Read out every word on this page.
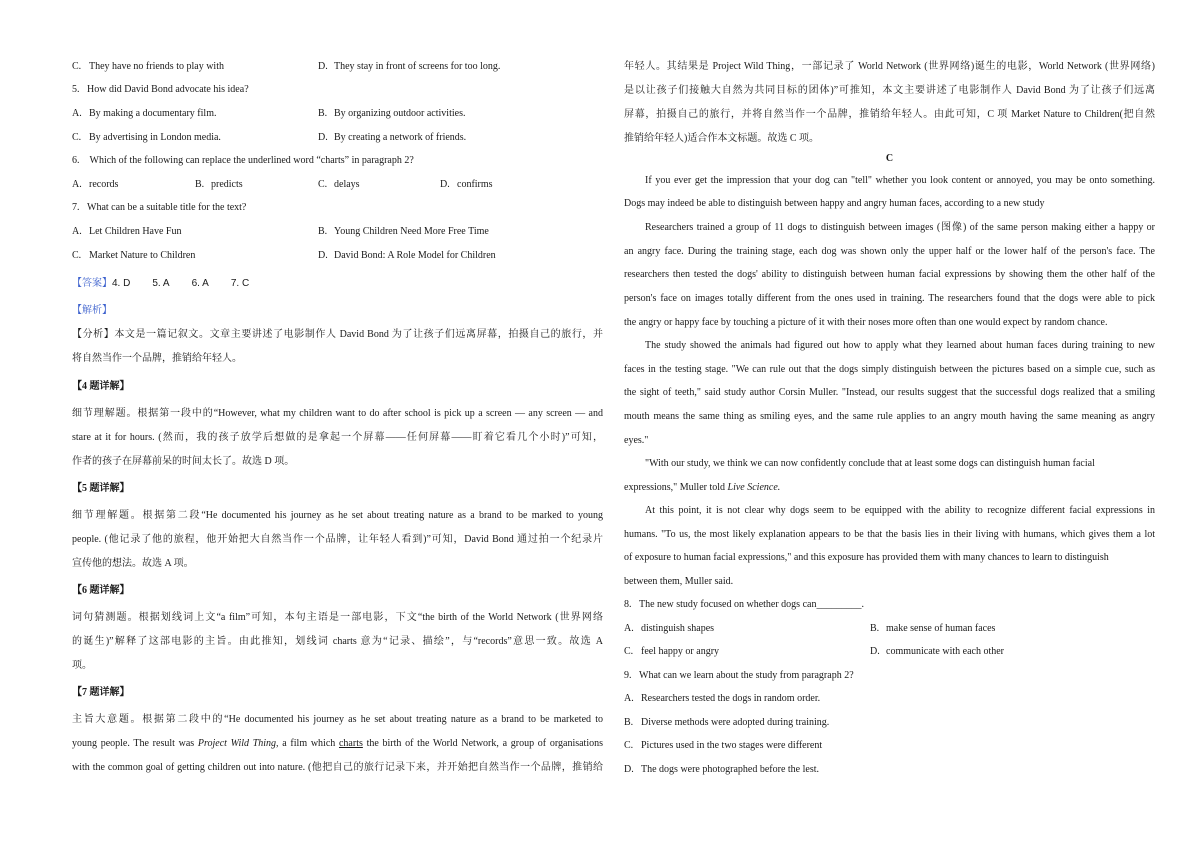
C. They have no friends to play with	D. They stay in front of screens for too long.
5.   How did David Bond advocate his idea?
A. By making a documentary film.	B. By organizing outdoor activities.
C. By advertising in London media.	D. By creating a network of friends.
6.    Which of the following can replace the underlined word “charts” in paragraph 2?
A. records	B. predicts	C. delays	D. confirms
7.   What can be a suitable title for the text?
A. Let Children Have Fun	B. Young Children Need More Free Time
C. Market Nature to Children	D. David Bond: A Role Model for Children
【答案】4. D 5. A 6. A 7. C
【解析】
【分析】本文是一篇记叙文。文章主要讲述了电影制作人 David Bond 为了让孩子们远离屏幕，拍摄自己的旅行，并
将自然当作一个品牌，推销给年轻人。
【4 题详解】
细节理解题。根据第一段中的“However, what my children want to do after school is pick up a screen — any screen — and
stare at it for hours. (然而，我的孩子放学后想做的是拿起一个屏幕——任何屏幕——盯着它看几个小时)”可知，
作者的孩子在屏幕前呆的时间太长了。故选 D 项。
【5 题详解】
细节理解题。根据第二段“He documented his journey as he set about treating nature as a brand to be marked to young
people. (他记录了他的旅程，他开始把大自然当作一个品牌，让年轻人看到)”可知，David Bond 通过拍一个纪录片
宣传他的想法。故选 A 项。
【6 题详解】
词句猜测题。根据划线词上文“a film”可知，本句主语是一部电影，下文“the birth of the World Network (世界网络
的诞生)”解释了这部电影的主旨。由此推知，划线词 charts 意为“记录、描绘”，与“records”意思一致。故选 A
项。
【7 题详解】
主旨大意题。根据第二段中的“He documented his journey as he set about treating nature as a brand to be marketed to
young people. The result was Project Wild Thing, a film which charts the birth of the World Network, a group of organisations
with the common goal of getting children out into nature. (他把自己的旅行记录下来，并开始把自然当作一个品牌，推销给
年轻人。其结果是 Project Wild Thing，一部记录了 World Network (世界网络)诞生的电影，World Network (世界网络)
是以让孩子们接触大自然为共同目标的团体)”可推知，本文主要讲述了电影制作人 David Bond 为了让孩子们远离
屏幕，拍摄自己的旅行，并将自然当作一个品牌，推销给年轻人。由此可知，C 项 Market Nature to Children(把自然
推销给年轻人)适合作本文标题。故选 C 项。
C
If you ever get the impression that your dog can "tell" whether you look content or annoyed, you may be onto something.
Dogs may indeed be able to distinguish between happy and angry human faces, according to a new study
Researchers trained a group of 11 dogs to distinguish between images (图像) of the same person making either a happy or
an angry face. During the training stage, each dog was shown only the upper half or the lower half of the person's face. The
researchers then tested the dogs' ability to distinguish between human facial expressions by showing them the other half of the
person's face on images totally different from the ones used in training. The researchers found that the dogs were able to pick
the angry or happy face by touching a picture of it with their noses more often than one would expect by random chance.
The study showed the animals had figured out how to apply what they learned about human faces during training to new
faces in the testing stage. "We can rule out that the dogs simply distinguish between the pictures based on a simple cue, such as
the sight of teeth," said study author Corsin Muller. "Instead, our results suggest that the successful dogs realized that a smiling
mouth means the same thing as smiling eyes, and the same rule applies to an angry mouth having the same meaning as angry
eyes."
"With our study, we think we can now confidently conclude that at least some dogs can distinguish human facial
expressions," Muller told Live Science.
At this point, it is not clear why dogs seem to be equipped with the ability to recognize different facial expressions in
humans. "To us, the most likely explanation appears to be that the basis lies in their living with humans, which gives them a lot
of exposure to human facial expressions," and this exposure has provided them with many chances to learn to distinguish
between them, Muller said.
8.   The new study focused on whether dogs can_________.
A. distinguish shapes	B. make sense of human faces
C. feel happy or angry	D. communicate with each other
9.   What can we learn about the study from paragraph 2?
A. Researchers tested the dogs in random order.
B. Diverse methods were adopted during training.
C. Pictures used in the two stages were different
D. The dogs were photographed before the lest.
